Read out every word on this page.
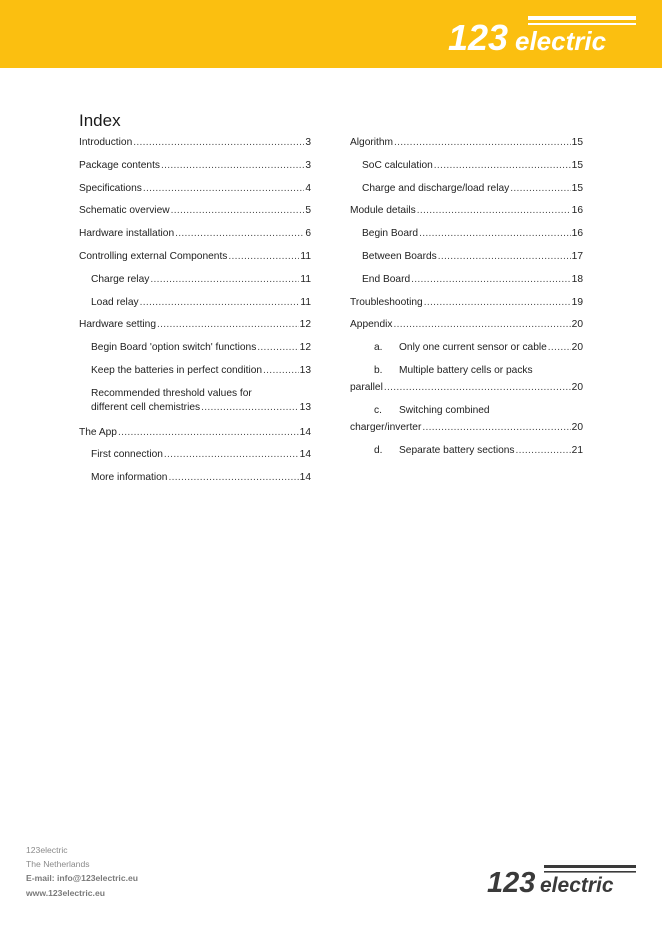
123 electric
Index
Introduction .....	3
Package contents .....	3
Specifications .....	4
Schematic overview .....	5
Hardware installation .....	6
Controlling external Components .....	11
Charge relay .....	11
Load relay .....	11
Hardware setting .....	12
Begin Board 'option switch' functions .....	12
Keep the batteries in perfect condition .....	13
Recommended threshold values for
different cell chemistries .....	13
The App .....	14
First connection .....	14
More information .....	14
Algorithm .....	15
SoC calculation .....	15
Charge and discharge/load relay .....	15
Module details .....	16
Begin Board .....	16
Between Boards .....	17
End Board .....	18
Troubleshooting .....	19
Appendix .....	20
a.	Only one current sensor or cable ..... 20
b.	Multiple battery cells or packs
parallel .....	20
c.	Switching combined
charger/inverter .....	20
d.	Separate battery sections .....	21
123electric
The Netherlands
E-mail: info@123electric.eu
www.123electric.eu	123 electric
